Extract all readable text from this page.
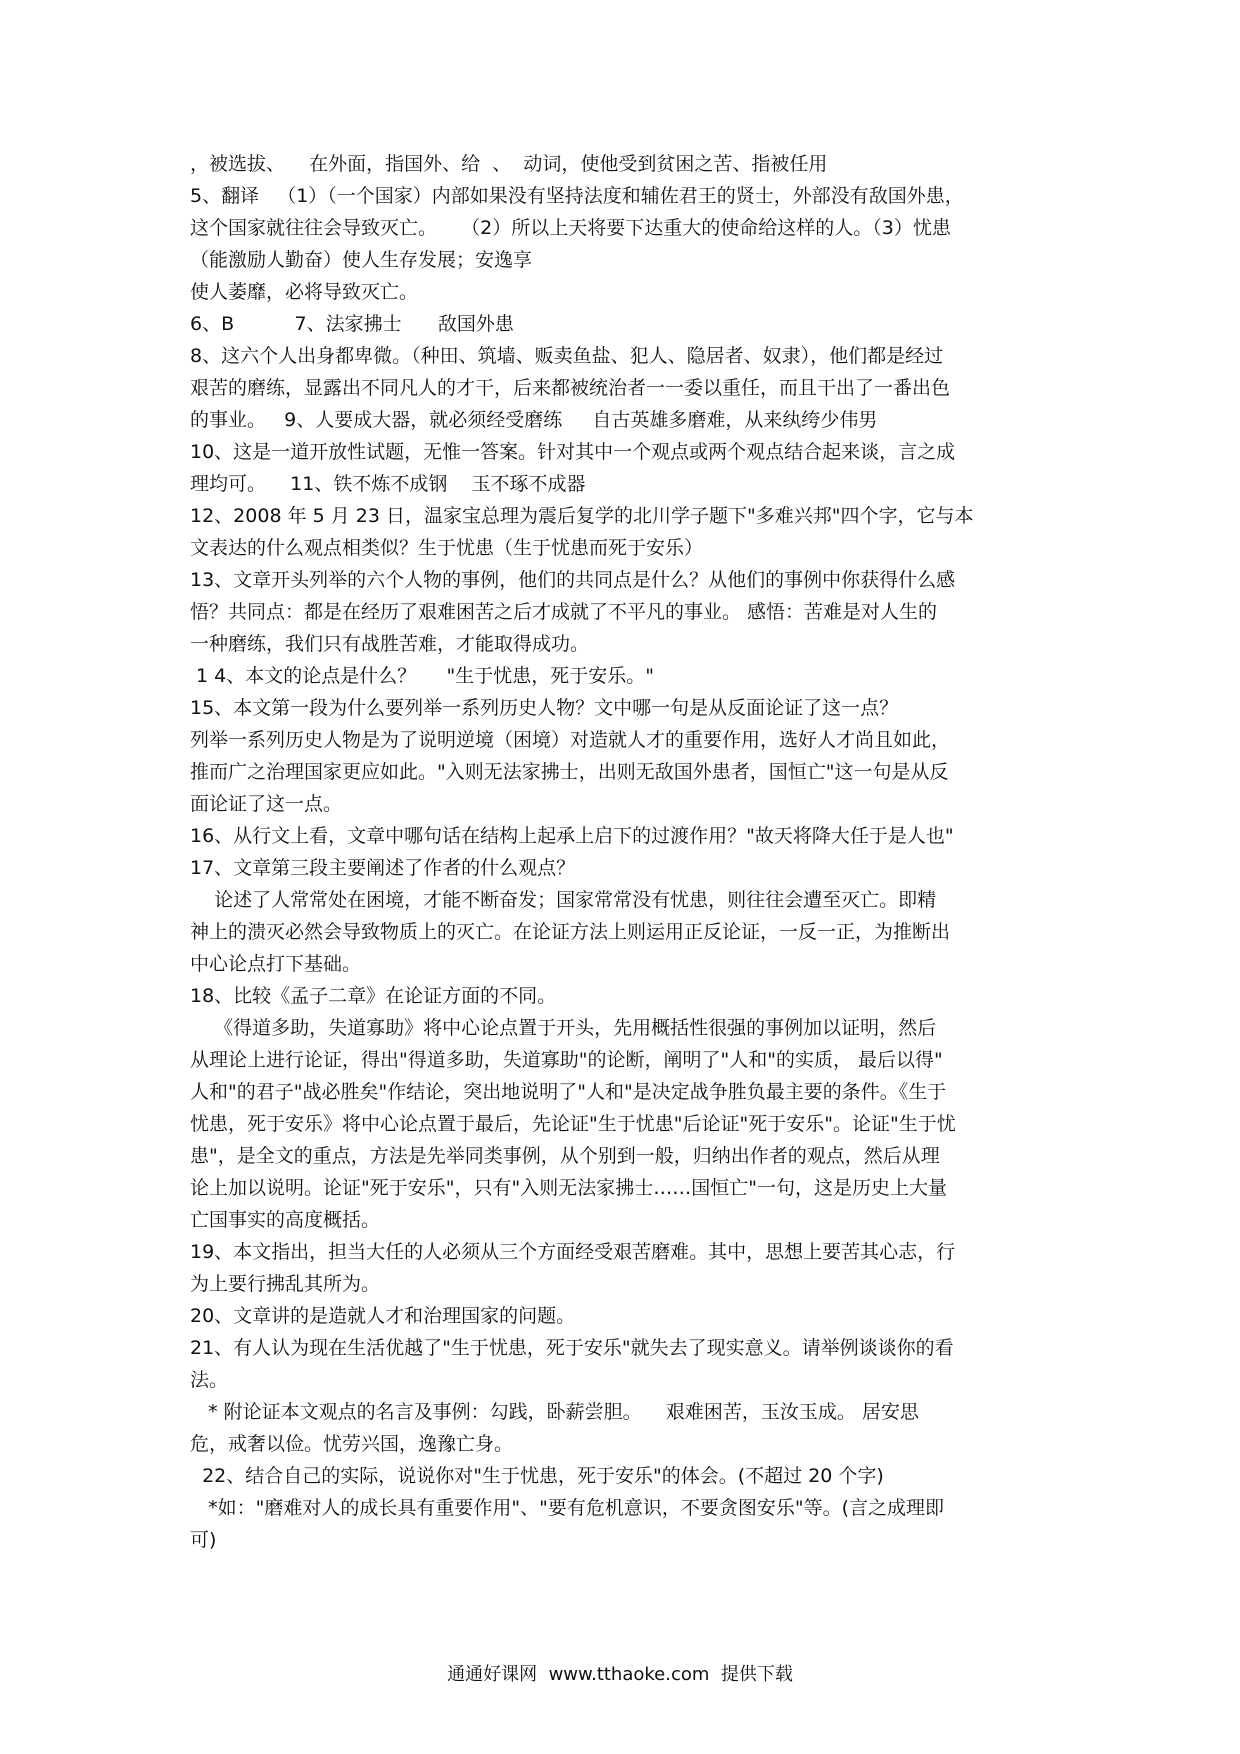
，被选拔、    在外面，指国外、给  、  动词，使他受到贫困之苦、指被任用
5、翻译   （1）（一个国家）内部如果没有坚持法度和辅佐君王的贤士，外部没有敌国外患，
这个国家就往往会导致灭亡。    （2）所以上天将要下达重大的使命给这样的人。（3）忧患
（能激励人勤奋）使人生存发展；安逸享
使人萎靡，必将导致灭亡。
6、B          7、法家拂士      敌国外患
8、这六个人出身都卑微。（种田、筑墙、贩卖鱼盐、犯人、隐居者、奴隶），他们都是经过
艰苦的磨练，显露出不同凡人的才干，后来都被统治者一一委以重任，而且干出了一番出色
的事业。   9、人要成大器，就必须经受磨练     自古英雄多磨难，从来纨绔少伟男
10、这是一道开放性试题，无惟一答案。针对其中一个观点或两个观点结合起来谈，言之成
理均可。    11、铁不炼不成钢    玉不琢不成器
12、2008 年 5 月 23 日，温家宝总理为震后复学的北川学子题下"多难兴邦"四个字，它与本
文表达的什么观点相类似？生于忧患（生于忧患而死于安乐）
13、文章开头列举的六个人物的事例，他们的共同点是什么？从他们的事例中你获得什么感
悟？共同点：都是在经历了艰难困苦之后才成就了不平凡的事业。 感悟：苦难是对人生的
一种磨练，我们只有战胜苦难，才能取得成功。
1 4、本文的论点是什么？     "生于忧患，死于安乐。"
15、本文第一段为什么要列举一系列历史人物？文中哪一句是从反面论证了这一点？
列举一系列历史人物是为了说明逆境（困境）对造就人才的重要作用，选好人才尚且如此，
推而广之治理国家更应如此。"入则无法家拂士，出则无敌国外患者，国恒亡"这一句是从反
面论证了这一点。
16、从行文上看，文章中哪句话在结构上起承上启下的过渡作用？"故天将降大任于是人也"
17、文章第三段主要阐述了作者的什么观点？
论述了人常常处在困境，才能不断奋发；国家常常没有忧患，则往往会遭至灭亡。即精
神上的溃灭必然会导致物质上的灭亡。在论证方法上则运用正反论证，一反一正，为推断出
中心论点打下基础。
18、比较《孟子二章》在论证方面的不同。
《得道多助，失道寡助》将中心论点置于开头，先用概括性很强的事例加以证明，然后
从理论上进行论证，得出"得道多助，失道寡助"的论断，阐明了"人和"的实质， 最后以得"
人和"的君子"战必胜矣"作结论，突出地说明了"人和"是决定战争胜负最主要的条件。《生于
忧患，死于安乐》将中心论点置于最后，先论证"生于忧患"后论证"死于安乐"。论证"生于忧
患"，是全文的重点，方法是先举同类事例，从个别到一般，归纳出作者的观点，然后从理
论上加以说明。论证"死于安乐"，只有"入则无法家拂士……国恒亡"一句，这是历史上大量
亡国事实的高度概括。
19、本文指出，担当大任的人必须从三个方面经受艰苦磨难。其中，思想上要苦其心志，行
为上要行拂乱其所为。
20、文章讲的是造就人才和治理国家的问题。
21、有人认为现在生活优越了"生于忧患，死于安乐"就失去了现实意义。请举例谈谈你的看
法。
* 附论证本文观点的名言及事例：勾践，卧薪尝胆。    艰难困苦，玉汝玉成。 居安思
危，戒奢以俭。忧劳兴国，逸豫亡身。
22、结合自己的实际，说说你对"生于忧患，死于安乐"的体会。(不超过 20 个字)
*如："磨难对人的成长具有重要作用"、"要有危机意识，不要贪图安乐"等。(言之成理即
可)
通通好课网  www.tthaoke.com  提供下载
